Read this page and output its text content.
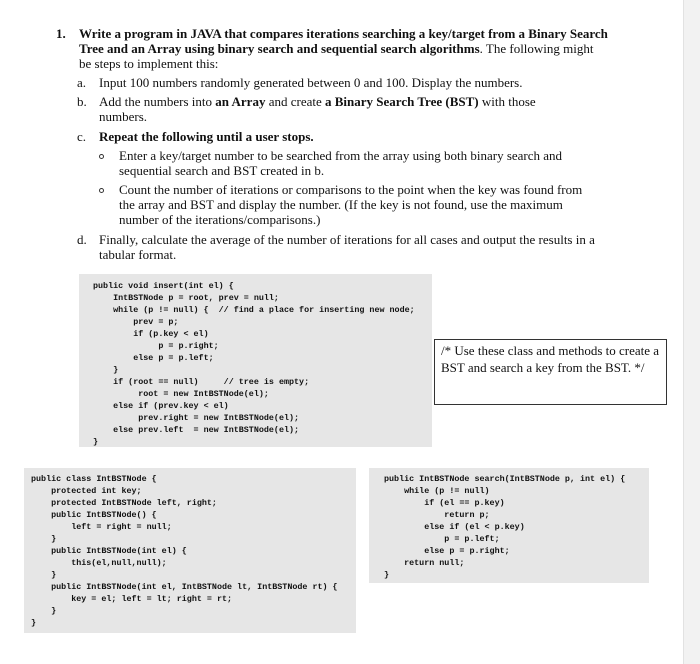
1. Write a program in JAVA that compares iterations searching a key/target from a Binary Search Tree and an Array using binary search and sequential search algorithms. The following might be steps to implement this:
a. Input 100 numbers randomly generated between 0 and 100. Display the numbers.
b. Add the numbers into an Array and create a Binary Search Tree (BST) with those numbers.
c. Repeat the following until a user stops.
Enter a key/target number to be searched from the array using both binary search and sequential search and BST created in b.
Count the number of iterations or comparisons to the point when the key was found from the array and BST and display the number. (If the key is not found, use the maximum number of the iterations/comparisons.)
d. Finally, calculate the average of the number of iterations for all cases and output the results in a tabular format.
public void insert(int el) {
IntBSTNode p = root, prev = null;
while (p != null) {  // find a place for inserting new node;
prev = p;
if (p.key < el)
p = p.right;
else p = p.left;
}
if (root == null)     // tree is empty;
root = new IntBSTNode(el);
else if (prev.key < el)
prev.right = new IntBSTNode(el);
else prev.left  = new IntBSTNode(el);
}
/* Use these class and methods to create a BST and search a key from the BST. */
public class IntBSTNode {
protected int key;
protected IntBSTNode left, right;
public IntBSTNode() {
left = right = null;
}
public IntBSTNode(int el) {
this(el,null,null);
}
public IntBSTNode(int el, IntBSTNode lt, IntBSTNode rt) {
key = el; left = lt; right = rt;
}
}
public IntBSTNode search(IntBSTNode p, int el) {
while (p != null)
if (el == p.key)
return p;
else if (el < p.key)
p = p.left;
else p = p.right;
return null;
}
